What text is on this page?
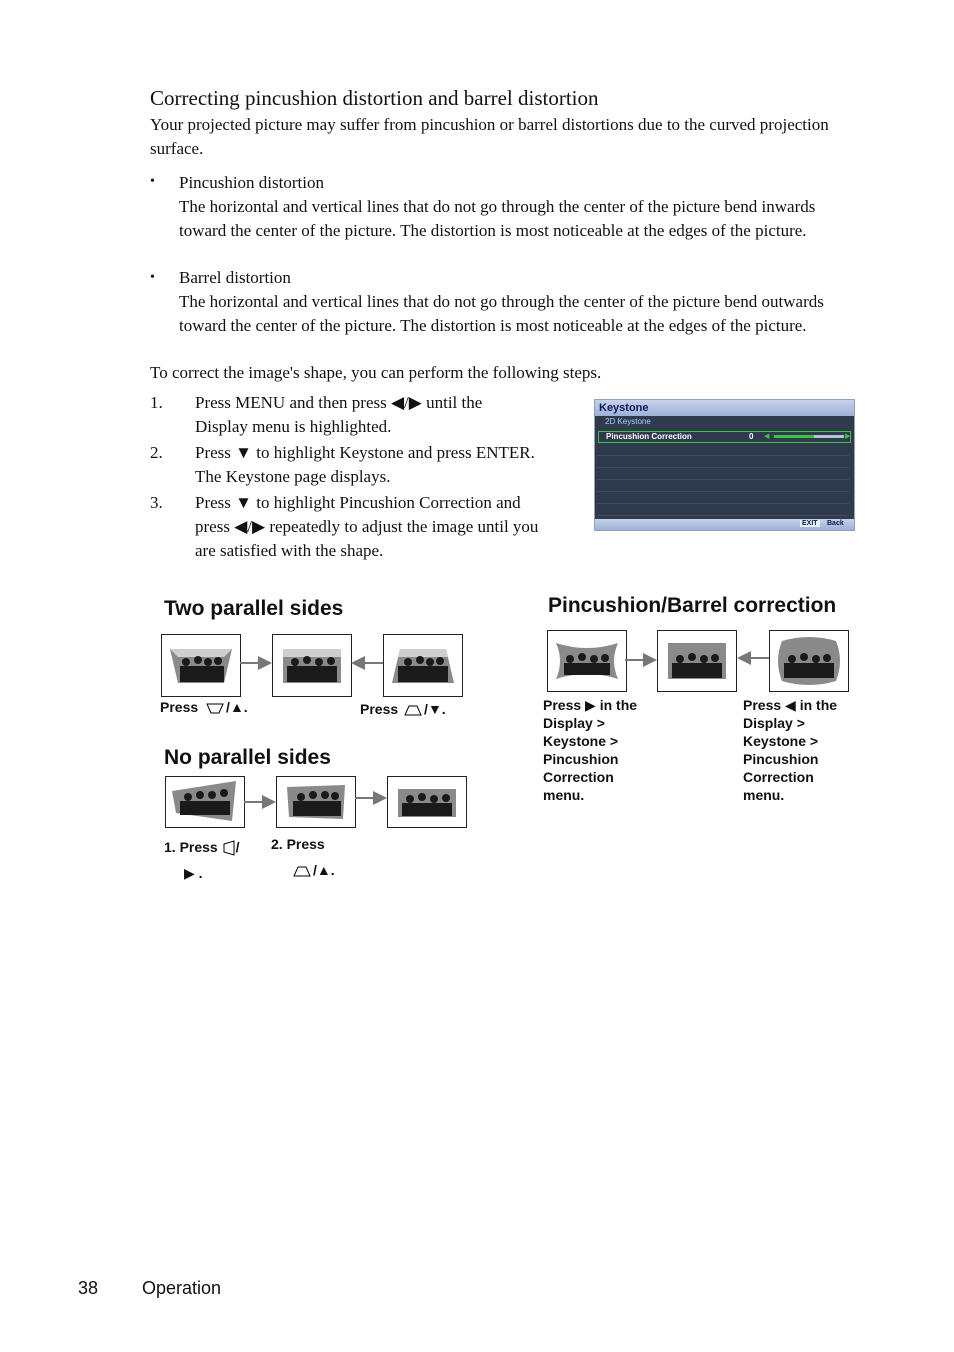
Correcting pincushion distortion and barrel distortion
Your projected picture may suffer from pincushion or barrel distortions due to the curved projection surface.
• Pincushion distortion
The horizontal and vertical lines that do not go through the center of the picture bend inwards toward the center of the picture. The distortion is most noticeable at the edges of the picture.
• Barrel distortion
The horizontal and vertical lines that do not go through the center of the picture bend outwards toward the center of the picture. The distortion is most noticeable at the edges of the picture.
To correct the image's shape, you can perform the following steps.
1. Press MENU and then press ◀/▶ until the
Display menu is highlighted.
2. Press ▼ to highlight Keystone and press ENTER.
The Keystone page displays.
3. Press ▼ to highlight Pincushion Correction and
press ◀/▶ repeatedly to adjust the image until you
are satisfied with the shape.
Keystone
2D Keystone
Pincushion Correction	0 ◀	▶
EXIT Back
Two parallel sides
Press /▲.	Press /▼.
No parallel sides
1. Press /
▶ .
2. Press
/▲.
Pincushion/Barrel correction
Press ▶ in the
Display >
Keystone >
Pincushion
Correction
menu.
Press ◀ in the
Display >
Keystone >
Pincushion
Correction
menu.
38 Operation
